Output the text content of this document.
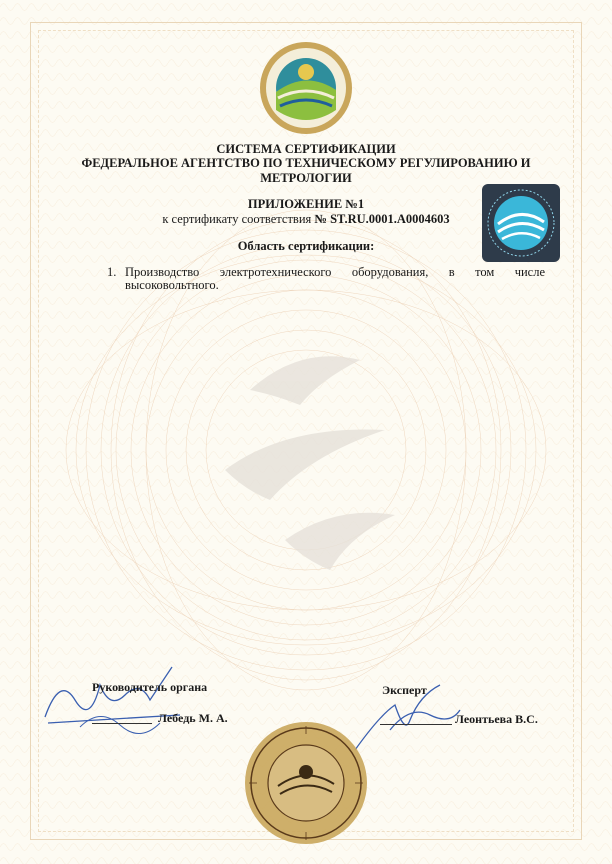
СИСТЕМА СЕРТИФИКАЦИИ

ФЕДЕРАЛЬНОЕ АГЕНТСТВО ПО ТЕХНИЧЕСКОМУ РЕГУЛИРОВАНИЮ И

МЕТРОЛОГИИ

ПРИЛОЖЕНИЕ №1
к сертификату соответствия № ST.RU.0001.A0004603
Область сертификации:
1. Производство электротехнического оборудования, в том числе
высоковольтного.
Руководитель органа
Лебедь М. А.
Эксперт
Леонтьева В.С.
